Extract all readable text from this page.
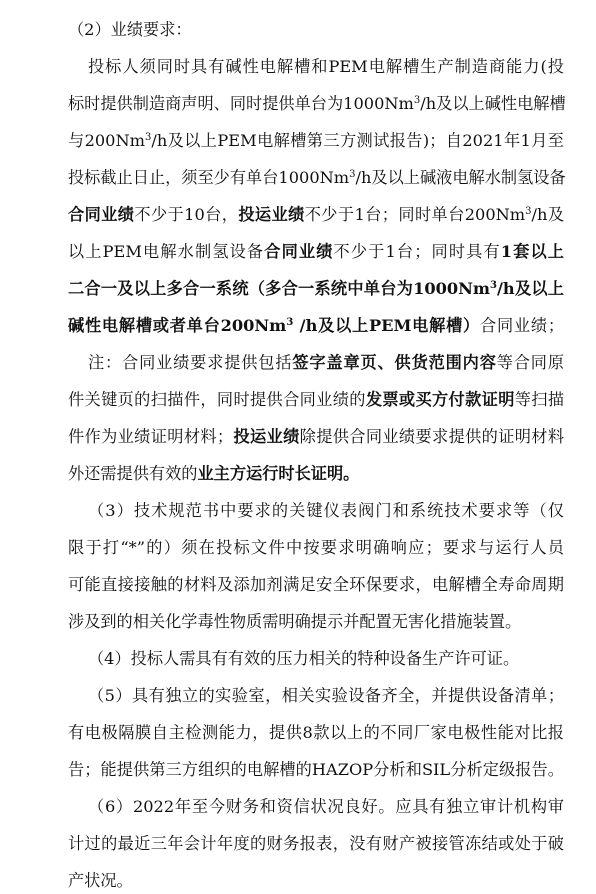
（2）业绩要求：
投标人须同时具有碱性电解槽和PEM电解槽生产制造商能力(投
标时提供制造商声明、同时提供单台为1000Nm$^3$/h及以上碱性电解槽
与200Nm$^3$/h及以上PEM电解槽第三方测试报告)；自2021年1月至
投标截止日止，须至少有单台1000Nm$^3$/h及以上碱液电解水制氢设备
合同业绩不少于10台，投运业绩不少于1台；同时单台200Nm$^3$/h及
以上PEM电解水制氢设备合同业绩不少于1台；同时具有1套以上
二合一及以上多合一系统（多合一系统中单台为1000Nm$^3$/h及以上
碱性电解槽或者单台200Nm$^3$ /h及以上PEM电解槽）合同业绩；
注：合同业绩要求提供包括签字盖章页、供货范围内容等合同原
件关键页的扫描件，同时提供合同业绩的发票或买方付款证明等扫描
件作为业绩证明材料；投运业绩除提供合同业绩要求提供的证明材料
外还需提供有效的业主方运行时长证明。
（3）技术规范书中要求的关键仪表阀门和系统技术要求等（仅
限于打“*”的）须在投标文件中按要求明确响应；要求与运行人员
可能直接接触的材料及添加剂满足安全环保要求，电解槽全寿命周期
涉及到的相关化学毒性物质需明确提示并配置无害化措施装置。
（4）投标人需具有有效的压力相关的特种设备生产许可证。
（5）具有独立的实验室，相关实验设备齐全，并提供设备清单；
有电极隔膜自主检测能力，提供8款以上的不同厂家电极性能对比报
告；能提供第三方组织的电解槽的HAZOP分析和SIL分析定级报告。
（6）2022年至今财务和资信状况良好。应具有独立审计机构审
计过的最近三年会计年度的财务报表，没有财产被接管冻结或处于破
产状况。
